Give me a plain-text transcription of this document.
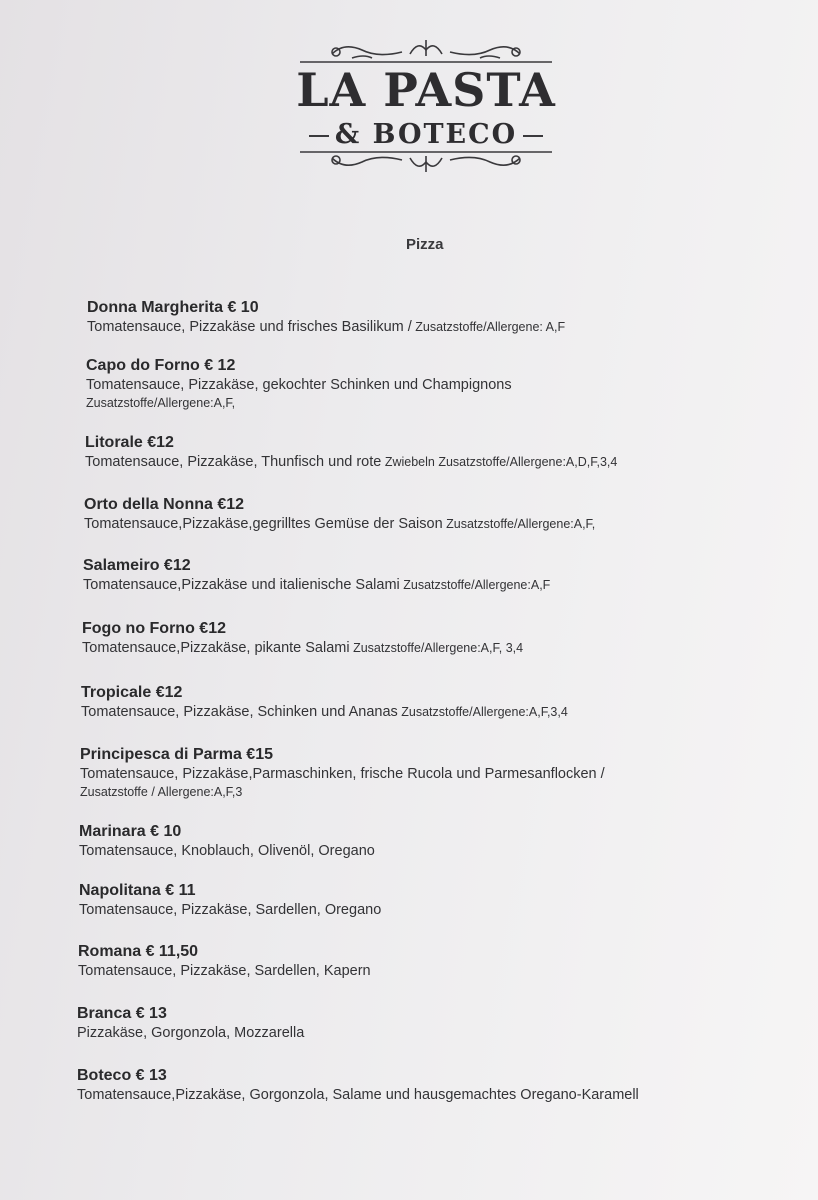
LA PASTA
& BOTECO
Pizza
Donna Margherita € 10
Tomatensauce, Pizzakäse und frisches Basilikum / Zusatzstoffe/Allergene: A,F
Capo do Forno € 12
Tomatensauce, Pizzakäse, gekochter Schinken und Champignons
Zusatzstoffe/Allergene:A,F,
Litorale €12
Tomatensauce, Pizzakäse, Thunfisch und rote Zwiebeln Zusatzstoffe/Allergene:A,D,F,3,4
Orto della Nonna €12
Tomatensauce,Pizzakäse,gegrilltes Gemüse der Saison Zusatzstoffe/Allergene:A,F,
Salameiro €12
Tomatensauce,Pizzakäse und italienische Salami Zusatzstoffe/Allergene:A,F
Fogo no Forno €12
Tomatensauce,Pizzakäse, pikante Salami Zusatzstoffe/Allergene:A,F, 3,4
Tropicale €12
Tomatensauce, Pizzakäse, Schinken und Ananas Zusatzstoffe/Allergene:A,F,3,4
Principesca di Parma €15
Tomatensauce, Pizzakäse,Parmaschinken, frische Rucola und Parmesanflocken /
Zusatzstoffe / Allergene:A,F,3
Marinara € 10
Tomatensauce, Knoblauch, Olivenöl, Oregano
Napolitana € 11
Tomatensauce, Pizzakäse, Sardellen, Oregano
Romana € 11,50
Tomatensauce, Pizzakäse, Sardellen, Kapern
Branca € 13
Pizzakäse, Gorgonzola, Mozzarella
Boteco € 13
Tomatensauce,Pizzakäse, Gorgonzola, Salame und hausgemachtes Oregano-Karamell
